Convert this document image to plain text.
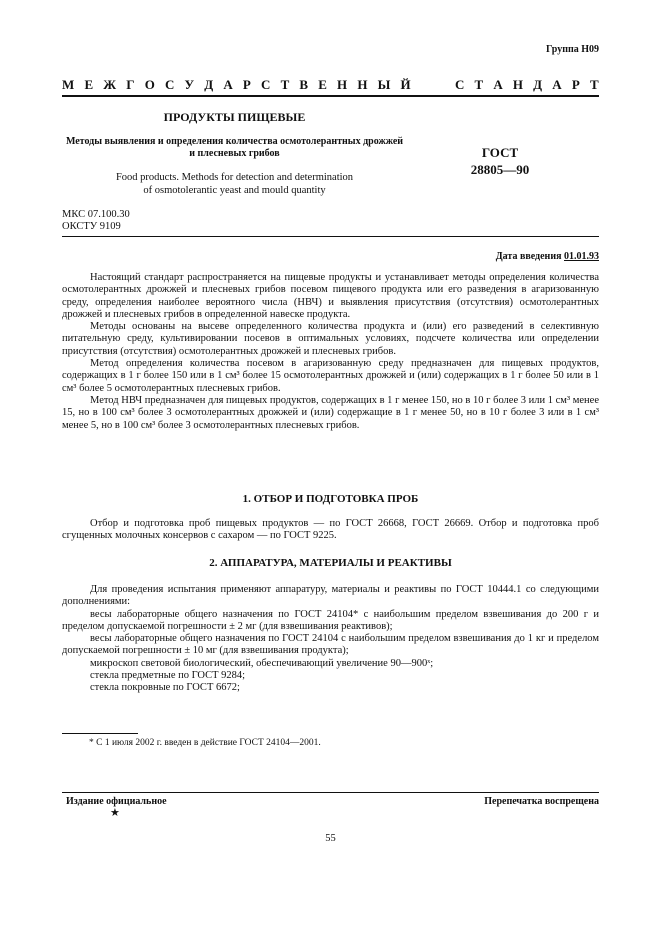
Группа Н09
М Е Ж Г О С У Д А Р С Т В Е Н Н Ы Й	С Т А Н Д А Р Т
ПРОДУКТЫ ПИЩЕВЫЕ
Методы выявления и определения количества осмотолерантных дрожжей и плесневых грибов
Food products. Methods for detection and determination
of osmotolerantic yeast and mould quantity
ГОСТ
28805—90
МКС 07.100.30
ОКСТУ 9109
Дата введения 01.01.93

Настоящий стандарт распространяется на пищевые продукты и устанавливает методы определения количества осмотолерантных дрожжей и плесневых грибов посевом пищевого продукта или его разведения в агаризованную среду, определения наиболее вероятного числа (НВЧ) и выявления присутствия (отсутствия) осмотолерантных дрожжей и плесневых грибов в определенной навеске продукта.

Методы основаны на высеве определенного количества продукта и (или) его разведений в селективную питательную среду, культивировании посевов в оптимальных условиях, подсчете количества или определении присутствия (отсутствия) осмотолерантных дрожжей и плесневых грибов.

Метод определения количества посевом в агаризованную среду предназначен для пищевых продуктов, содержащих в 1 г более 150 или в 1 см³ более 15 осмотолерантных дрожжей и (или) содержащих в 1 г более 50 или в 1 см³ более 5 осмотолерантных плесневых грибов.

Метод НВЧ предназначен для пищевых продуктов, содержащих в 1 г менее 150, но в 10 г более 3 или 1 см³ менее 15, но в 100 см³ более 3 осмотолерантных дрожжей и (или) содержащие в 1 г менее 50, но в 10 г более 3 или в 1 см³ менее 5, но в 100 см³ более 3 осмотолерантных плесневых грибов.

1. ОТБОР И ПОДГОТОВКА ПРОБ

Отбор и подготовка проб пищевых продуктов — по ГОСТ 26668, ГОСТ 26669. Отбор и подготовка проб сгущенных молочных консервов с сахаром — по ГОСТ 9225.

2. АППАРАТУРА, МАТЕРИАЛЫ И РЕАКТИВЫ

Для проведения испытания применяют аппаратуру, материалы и реактивы по ГОСТ 10444.1 со следующими дополнениями:

весы лабораторные общего назначения по ГОСТ 24104* с наибольшим пределом взвешивания до 200 г и пределом допускаемой погрешности ± 2 мг (для взвешивания реактивов);

весы лабораторные общего назначения по ГОСТ 24104 с наибольшим пределом взвешивания до 1 кг и пределом допускаемой погрешности ± 10 мг (для взвешивания продукта);

микроскоп световой биологический, обеспечивающий увеличение 90—900ˣ;

стекла предметные по ГОСТ 9284;

стекла покровные по ГОСТ 6672;

* С 1 июля 2002 г. введен в действие ГОСТ 24104—2001.
Издание официальное
★
Перепечатка воспрещена
55
